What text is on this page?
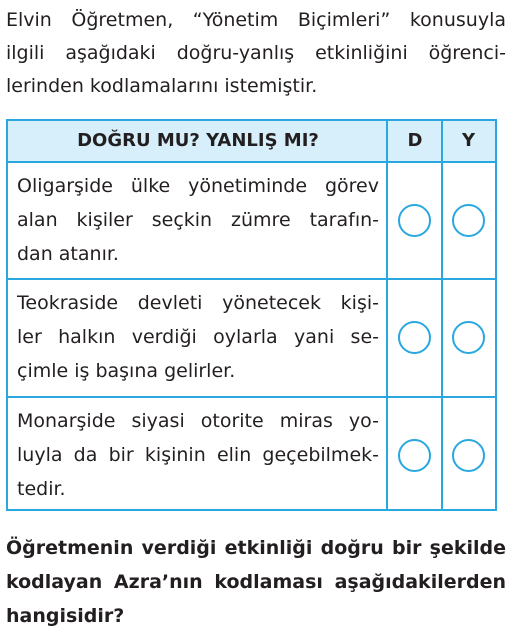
Elvin Öğretmen, “Yönetim Biçimleri” konusuyla
ilgili aşağıdaki doğru-yanlış etkinliğini öğrenci-
lerinden kodlamalarını istemiştir.
DOĞRU MU? YANLIŞ MI?	D	Y
Oligarşide ülke yönetiminde görev
alan kişiler seçkin zümre tarafın-
dan atanır.
Teokraside devleti yönetecek kişi-
ler halkın verdiği oylarla yani se-
çimle iş başına gelirler.
Monarşide siyasi otorite miras yo-
luyla da bir kişinin elin geçebilmek-
tedir.
Öğretmenin verdiği etkinliği doğru bir şekilde
kodlayan Azra’nın kodlaması aşağıdakilerden
hangisidir?
